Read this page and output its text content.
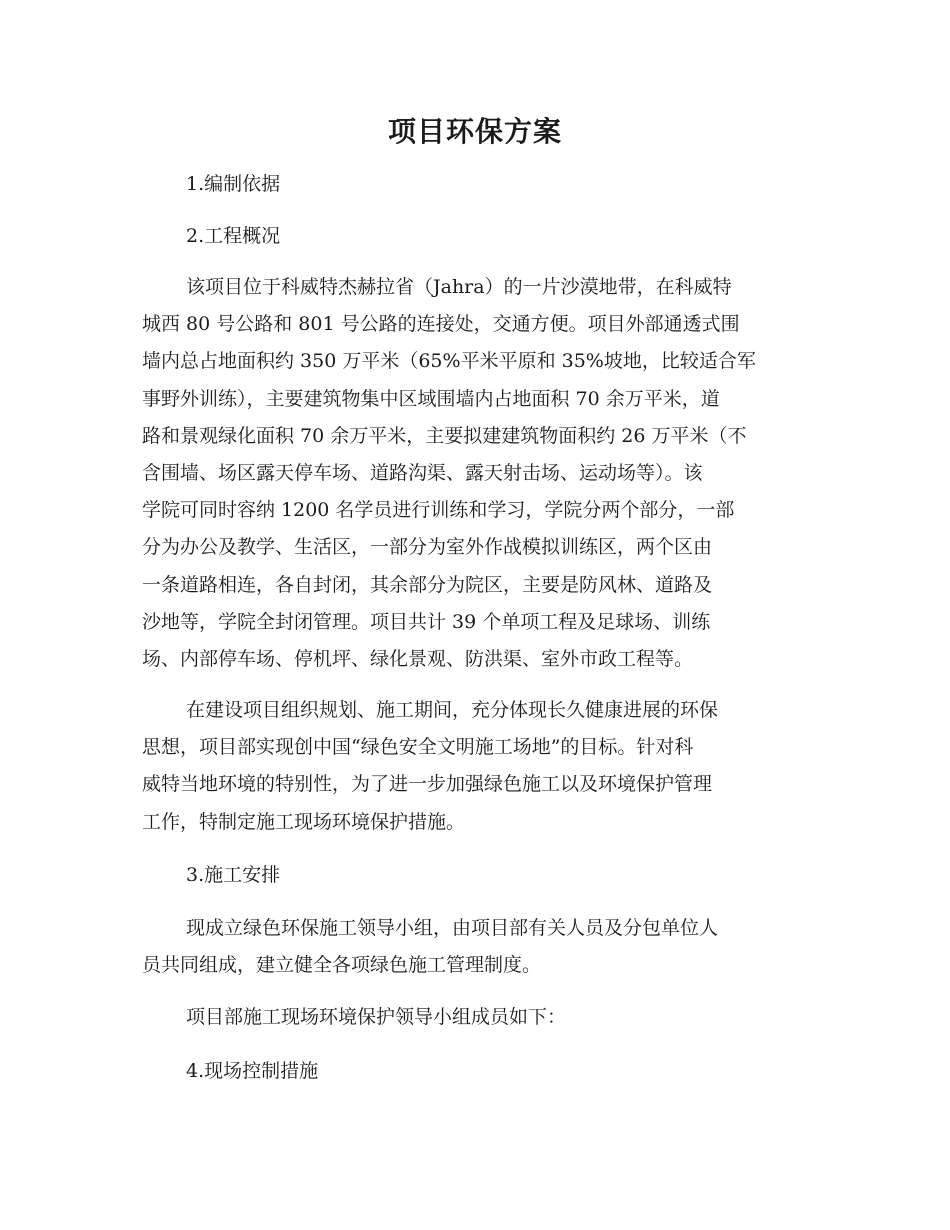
项目环保方案

1.编制依据

2.工程概况

该项目位于科威特杰赫拉省（Jahra）的一片沙漠地带，在科威特
城西 80 号公路和 801 号公路的连接处，交通方便。项目外部通透式围
墙内总占地面积约 350 万平米（65%平米平原和 35%坡地，比较适合军
事野外训练），主要建筑物集中区域围墙内占地面积 70 余万平米，道
路和景观绿化面积 70 余万平米，主要拟建建筑物面积约 26 万平米（不
含围墙、场区露天停车场、道路沟渠、露天射击场、运动场等）。该
学院可同时容纳 1200 名学员进行训练和学习，学院分两个部分，一部
分为办公及教学、生活区，一部分为室外作战模拟训练区，两个区由
一条道路相连，各自封闭，其余部分为院区，主要是防风林、道路及
沙地等，学院全封闭管理。项目共计 39 个单项工程及足球场、训练
场、内部停车场、停机坪、绿化景观、防洪渠、室外市政工程等。
在建设项目组织规划、施工期间，充分体现长久健康进展的环保
思想，项目部实现创中国“绿色安全文明施工场地”的目标。针对科
威特当地环境的特别性，为了进一步加强绿色施工以及环境保护管理
工作，特制定施工现场环境保护措施。

3.施工安排

现成立绿色环保施工领导小组，由项目部有关人员及分包单位人
员共同组成，建立健全各项绿色施工管理制度。
项目部施工现场环境保护领导小组成员如下：

4.现场控制措施
